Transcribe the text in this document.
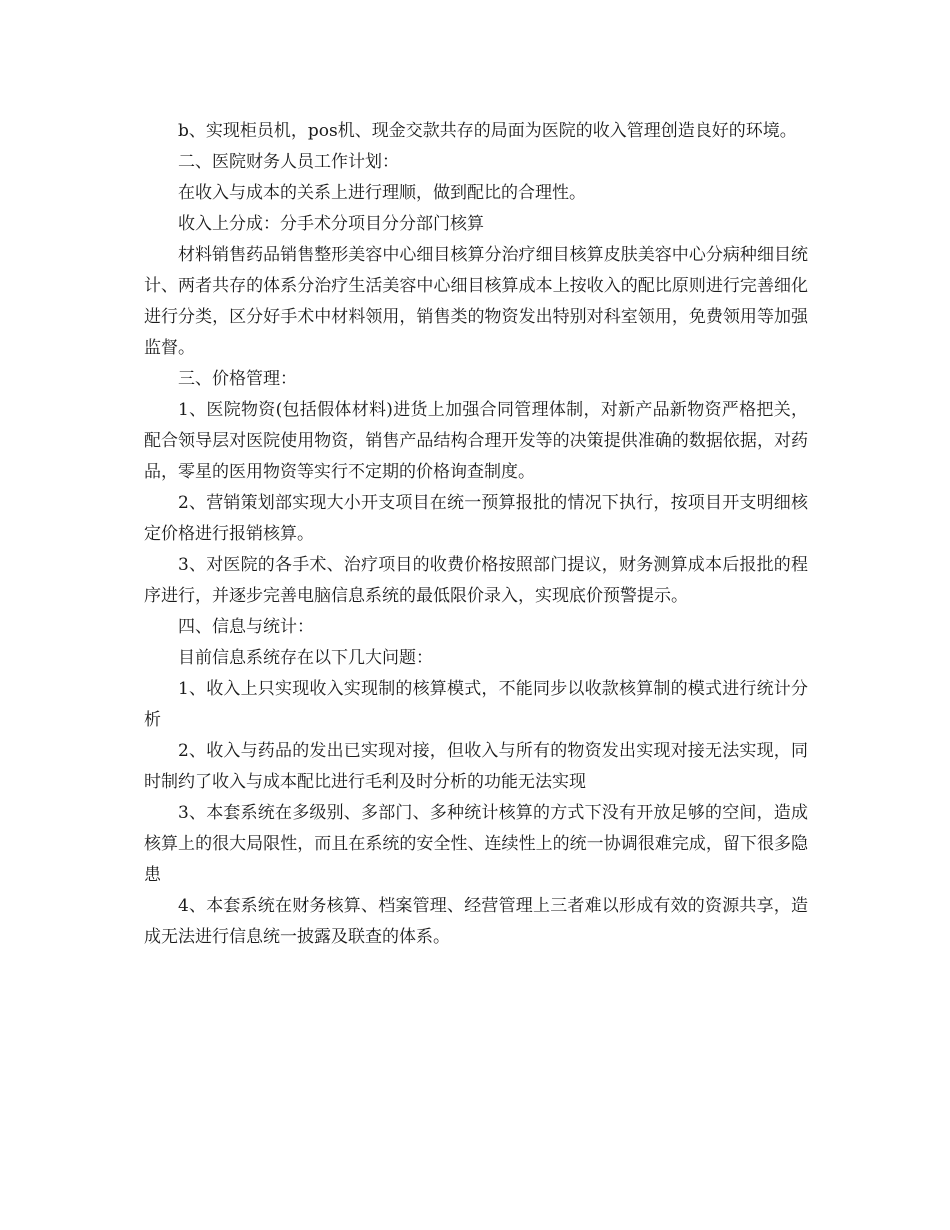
b、实现柜员机，pos机、现金交款共存的局面为医院的收入管理创造良好的环境。

二、医院财务人员工作计划：

在收入与成本的关系上进行理顺，做到配比的合理性。

收入上分成：分手术分项目分分部门核算

材料销售药品销售整形美容中心细目核算分治疗细目核算皮肤美容中心分病种细目统计、两者共存的体系分治疗生活美容中心细目核算成本上按收入的配比原则进行完善细化进行分类，区分好手术中材料领用，销售类的物资发出特别对科室领用，免费领用等加强监督。

三、价格管理：

1、医院物资(包括假体材料)进货上加强合同管理体制，对新产品新物资严格把关，配合领导层对医院使用物资，销售产品结构合理开发等的决策提供准确的数据依据，对药品，零星的医用物资等实行不定期的价格询查制度。

2、营销策划部实现大小开支项目在统一预算报批的情况下执行，按项目开支明细核定价格进行报销核算。

3、对医院的各手术、治疗项目的收费价格按照部门提议，财务测算成本后报批的程序进行，并逐步完善电脑信息系统的最低限价录入，实现底价预警提示。

四、信息与统计：

目前信息系统存在以下几大问题：

1、收入上只实现收入实现制的核算模式，不能同步以收款核算制的模式进行统计分析

2、收入与药品的发出已实现对接，但收入与所有的物资发出实现对接无法实现，同时制约了收入与成本配比进行毛利及时分析的功能无法实现

3、本套系统在多级别、多部门、多种统计核算的方式下没有开放足够的空间，造成核算上的很大局限性，而且在系统的安全性、连续性上的统一协调很难完成，留下很多隐患

4、本套系统在财务核算、档案管理、经营管理上三者难以形成有效的资源共享，造成无法进行信息统一披露及联查的体系。
